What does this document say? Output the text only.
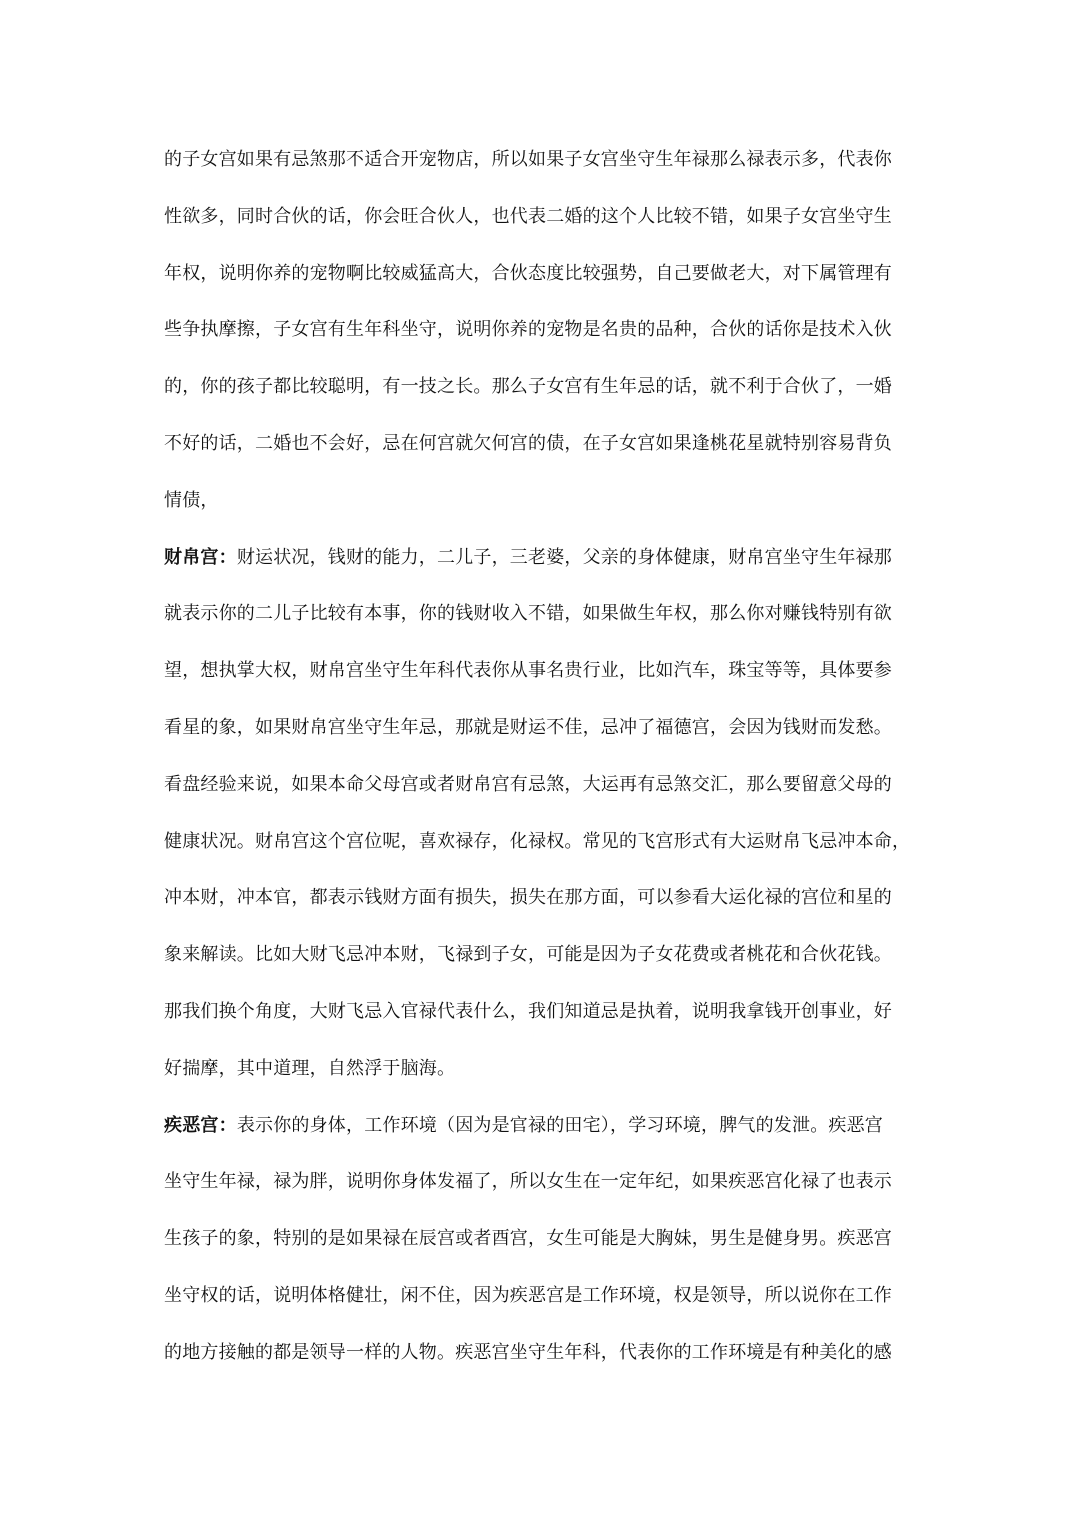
的子女宫如果有忌煞那不适合开宠物店，所以如果子女宫坐守生年禄那么禄表示多，代表你
性欲多，同时合伙的话，你会旺合伙人，也代表二婚的这个人比较不错，如果子女宫坐守生
年权，说明你养的宠物啊比较威猛高大，合伙态度比较强势，自己要做老大，对下属管理有
些争执摩擦，子女宫有生年科坐守，说明你养的宠物是名贵的品种，合伙的话你是技术入伙
的，你的孩子都比较聪明，有一技之长。那么子女宫有生年忌的话，就不利于合伙了，一婚
不好的话，二婚也不会好，忌在何宫就欠何宫的债，在子女宫如果逢桃花星就特别容易背负
情债，
财帛宫：财运状况，钱财的能力，二儿子，三老婆，父亲的身体健康，财帛宫坐守生年禄那
就表示你的二儿子比较有本事，你的钱财收入不错，如果做生年权，那么你对赚钱特别有欲
望，想执掌大权，财帛宫坐守生年科代表你从事名贵行业，比如汽车，珠宝等等，具体要参
看星的象，如果财帛宫坐守生年忌，那就是财运不佳，忌冲了福德宫，会因为钱财而发愁。
看盘经验来说，如果本命父母宫或者财帛宫有忌煞，大运再有忌煞交汇，那么要留意父母的
健康状况。财帛宫这个宫位呢，喜欢禄存，化禄权。常见的飞宫形式有大运财帛飞忌冲本命，
冲本财，冲本官，都表示钱财方面有损失，损失在那方面，可以参看大运化禄的宫位和星的
象来解读。比如大财飞忌冲本财，飞禄到子女，可能是因为子女花费或者桃花和合伙花钱。
那我们换个角度，大财飞忌入官禄代表什么，我们知道忌是执着，说明我拿钱开创事业，好
好揣摩，其中道理，自然浮于脑海。
疾恶宫：表示你的身体，工作环境（因为是官禄的田宅），学习环境，脾气的发泄。疾恶宫
坐守生年禄，禄为胖，说明你身体发福了，所以女生在一定年纪，如果疾恶宫化禄了也表示
生孩子的象，特别的是如果禄在辰宫或者酉宫，女生可能是大胸妹，男生是健身男。疾恶宫
坐守权的话，说明体格健壮，闲不住，因为疾恶宫是工作环境，权是领导，所以说你在工作
的地方接触的都是领导一样的人物。疾恶宫坐守生年科，代表你的工作环境是有种美化的感
